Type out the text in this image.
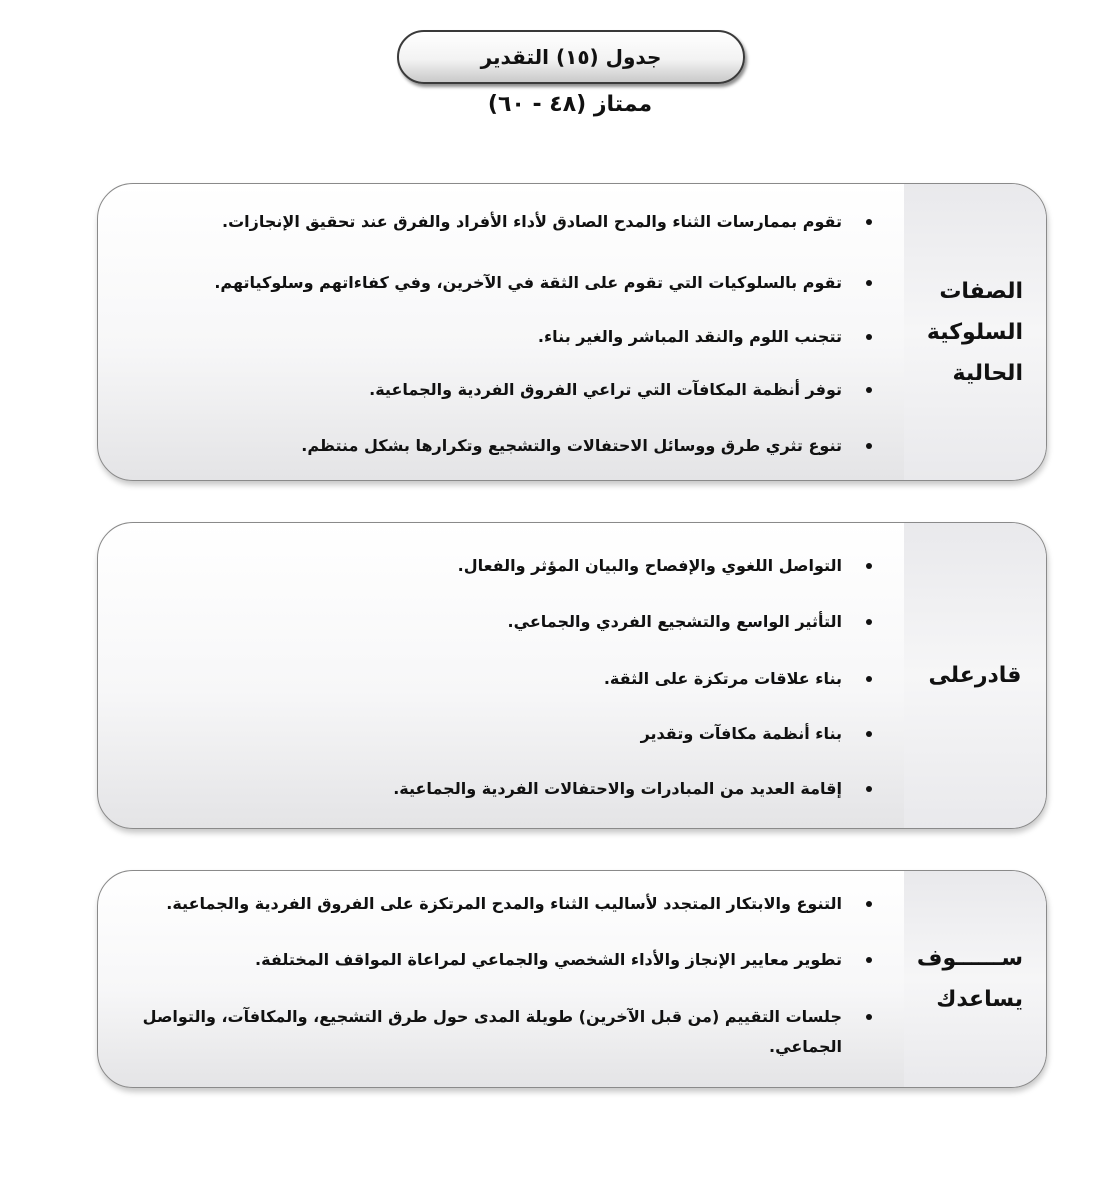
جدول (١٥) التقدير
ممتاز (٤٨ - ٦٠)
الصفات
السلوكية
الحالية
تقوم بممارسات الثناء والمدح الصادق لأداء الأفراد والفرق عند تحقيق الإنجازات.
تقوم بالسلوكيات التي تقوم على الثقة في الآخرين، وفي كفاءاتهم وسلوكياتهم.
تتجنب اللوم والنقد المباشر والغير بناء.
توفر أنظمة المكافآت التي تراعي الفروق الفردية والجماعية.
تنوع تثري طرق ووسائل الاحتفالات والتشجيع وتكرارها بشكل منتظم.
قادرعلى
التواصل اللغوي والإفصاح والبيان المؤثر والفعال.
التأثير الواسع والتشجيع الفردي والجماعي.
بناء علاقات مرتكزة على الثقة.
بناء أنظمة مكافآت وتقدير
إقامة العديد من المبادرات والاحتفالات الفردية والجماعية.
ســــــوف
يساعدك
التنوع والابتكار المتجدد لأساليب الثناء والمدح المرتكزة على الفروق الفردية والجماعية.
تطوير معايير الإنجاز والأداء الشخصي والجماعي لمراعاة المواقف المختلفة.
جلسات التقييم (من قبل الآخرين) طويلة المدى حول طرق التشجيع، والمكافآت، والتواصل الجماعي.
